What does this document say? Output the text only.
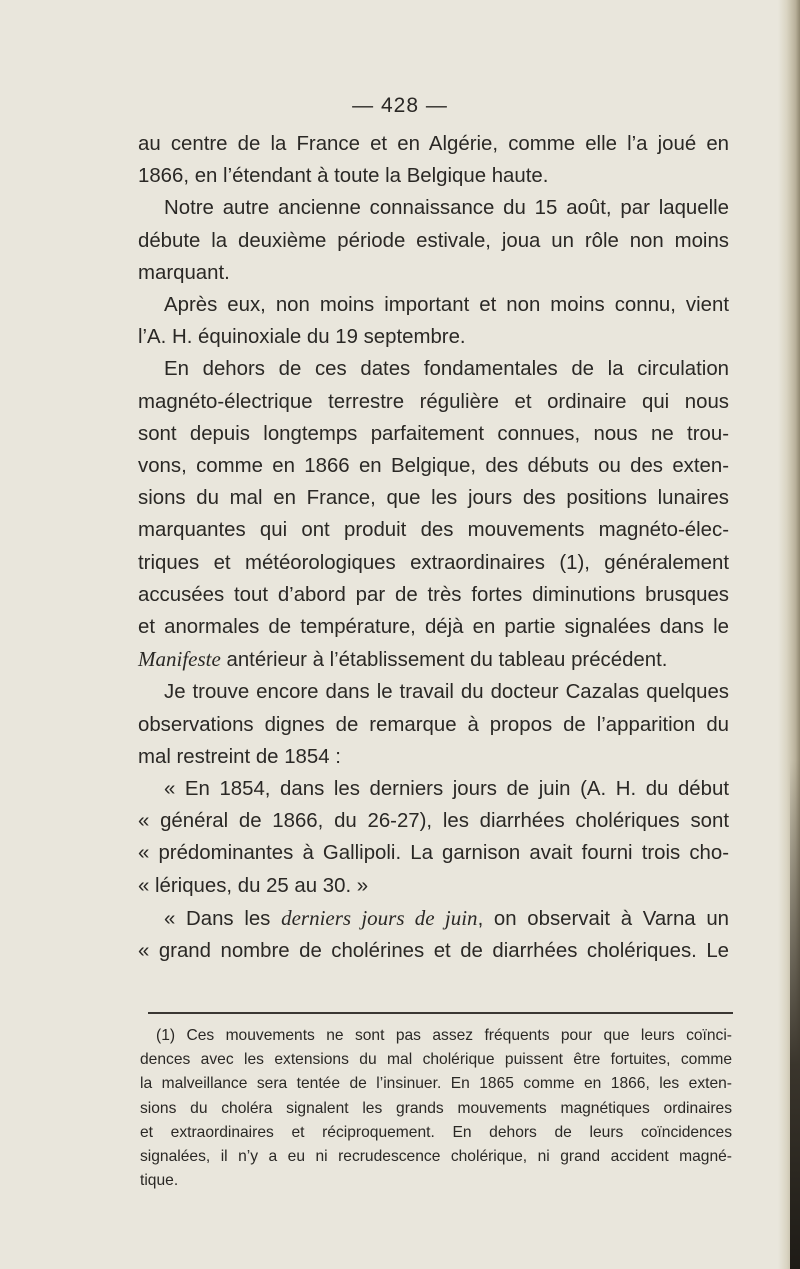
— 428 —

au centre de la France et en Algérie, comme elle l’a joué en

1866, en l’étendant à toute la Belgique haute.

Notre autre ancienne connaissance du 15 août, par laquelle

débute la deuxième période estivale, joua un rôle non moins

marquant.

Après eux, non moins important et non moins connu, vient

l’A. H. équinoxiale du 19 septembre.

En dehors de ces dates fondamentales de la circulation

magnéto-électrique terrestre régulière et ordinaire qui nous

sont depuis longtemps parfaitement connues, nous ne trou-

vons, comme en 1866 en Belgique, des débuts ou des exten-

sions du mal en France, que les jours des positions lunaires

marquantes qui ont produit des mouvements magnéto-élec-

triques et météorologiques extraordinaires (1), généralement

accusées tout d’abord par de très fortes diminutions brusques

et anormales de température, déjà en partie signalées dans le

Manifeste antérieur à l’établissement du tableau précédent.

Je trouve encore dans le travail du docteur Cazalas quelques

observations dignes de remarque à propos de l’apparition du

mal restreint de 1854 :

« En 1854, dans les derniers jours de juin (A. H. du début

« général de 1866, du 26-27), les diarrhées cholériques sont

« prédominantes à Gallipoli. La garnison avait fourni trois cho-

« lériques, du 25 au 30. »

« Dans les derniers jours de juin, on observait à Varna un

« grand nombre de cholérines et de diarrhées cholériques. Le

(1) Ces mouvements ne sont pas assez fréquents pour que leurs coïnci-

dences avec les extensions du mal cholérique puissent être fortuites, comme

la malveillance sera tentée de l’insinuer. En 1865 comme en 1866, les exten-

sions du choléra signalent les grands mouvements magnétiques ordinaires

et extraordinaires et réciproquement. En dehors de leurs coïncidences

signalées, il n’y a eu ni recrudescence cholérique, ni grand accident magné-

tique.
